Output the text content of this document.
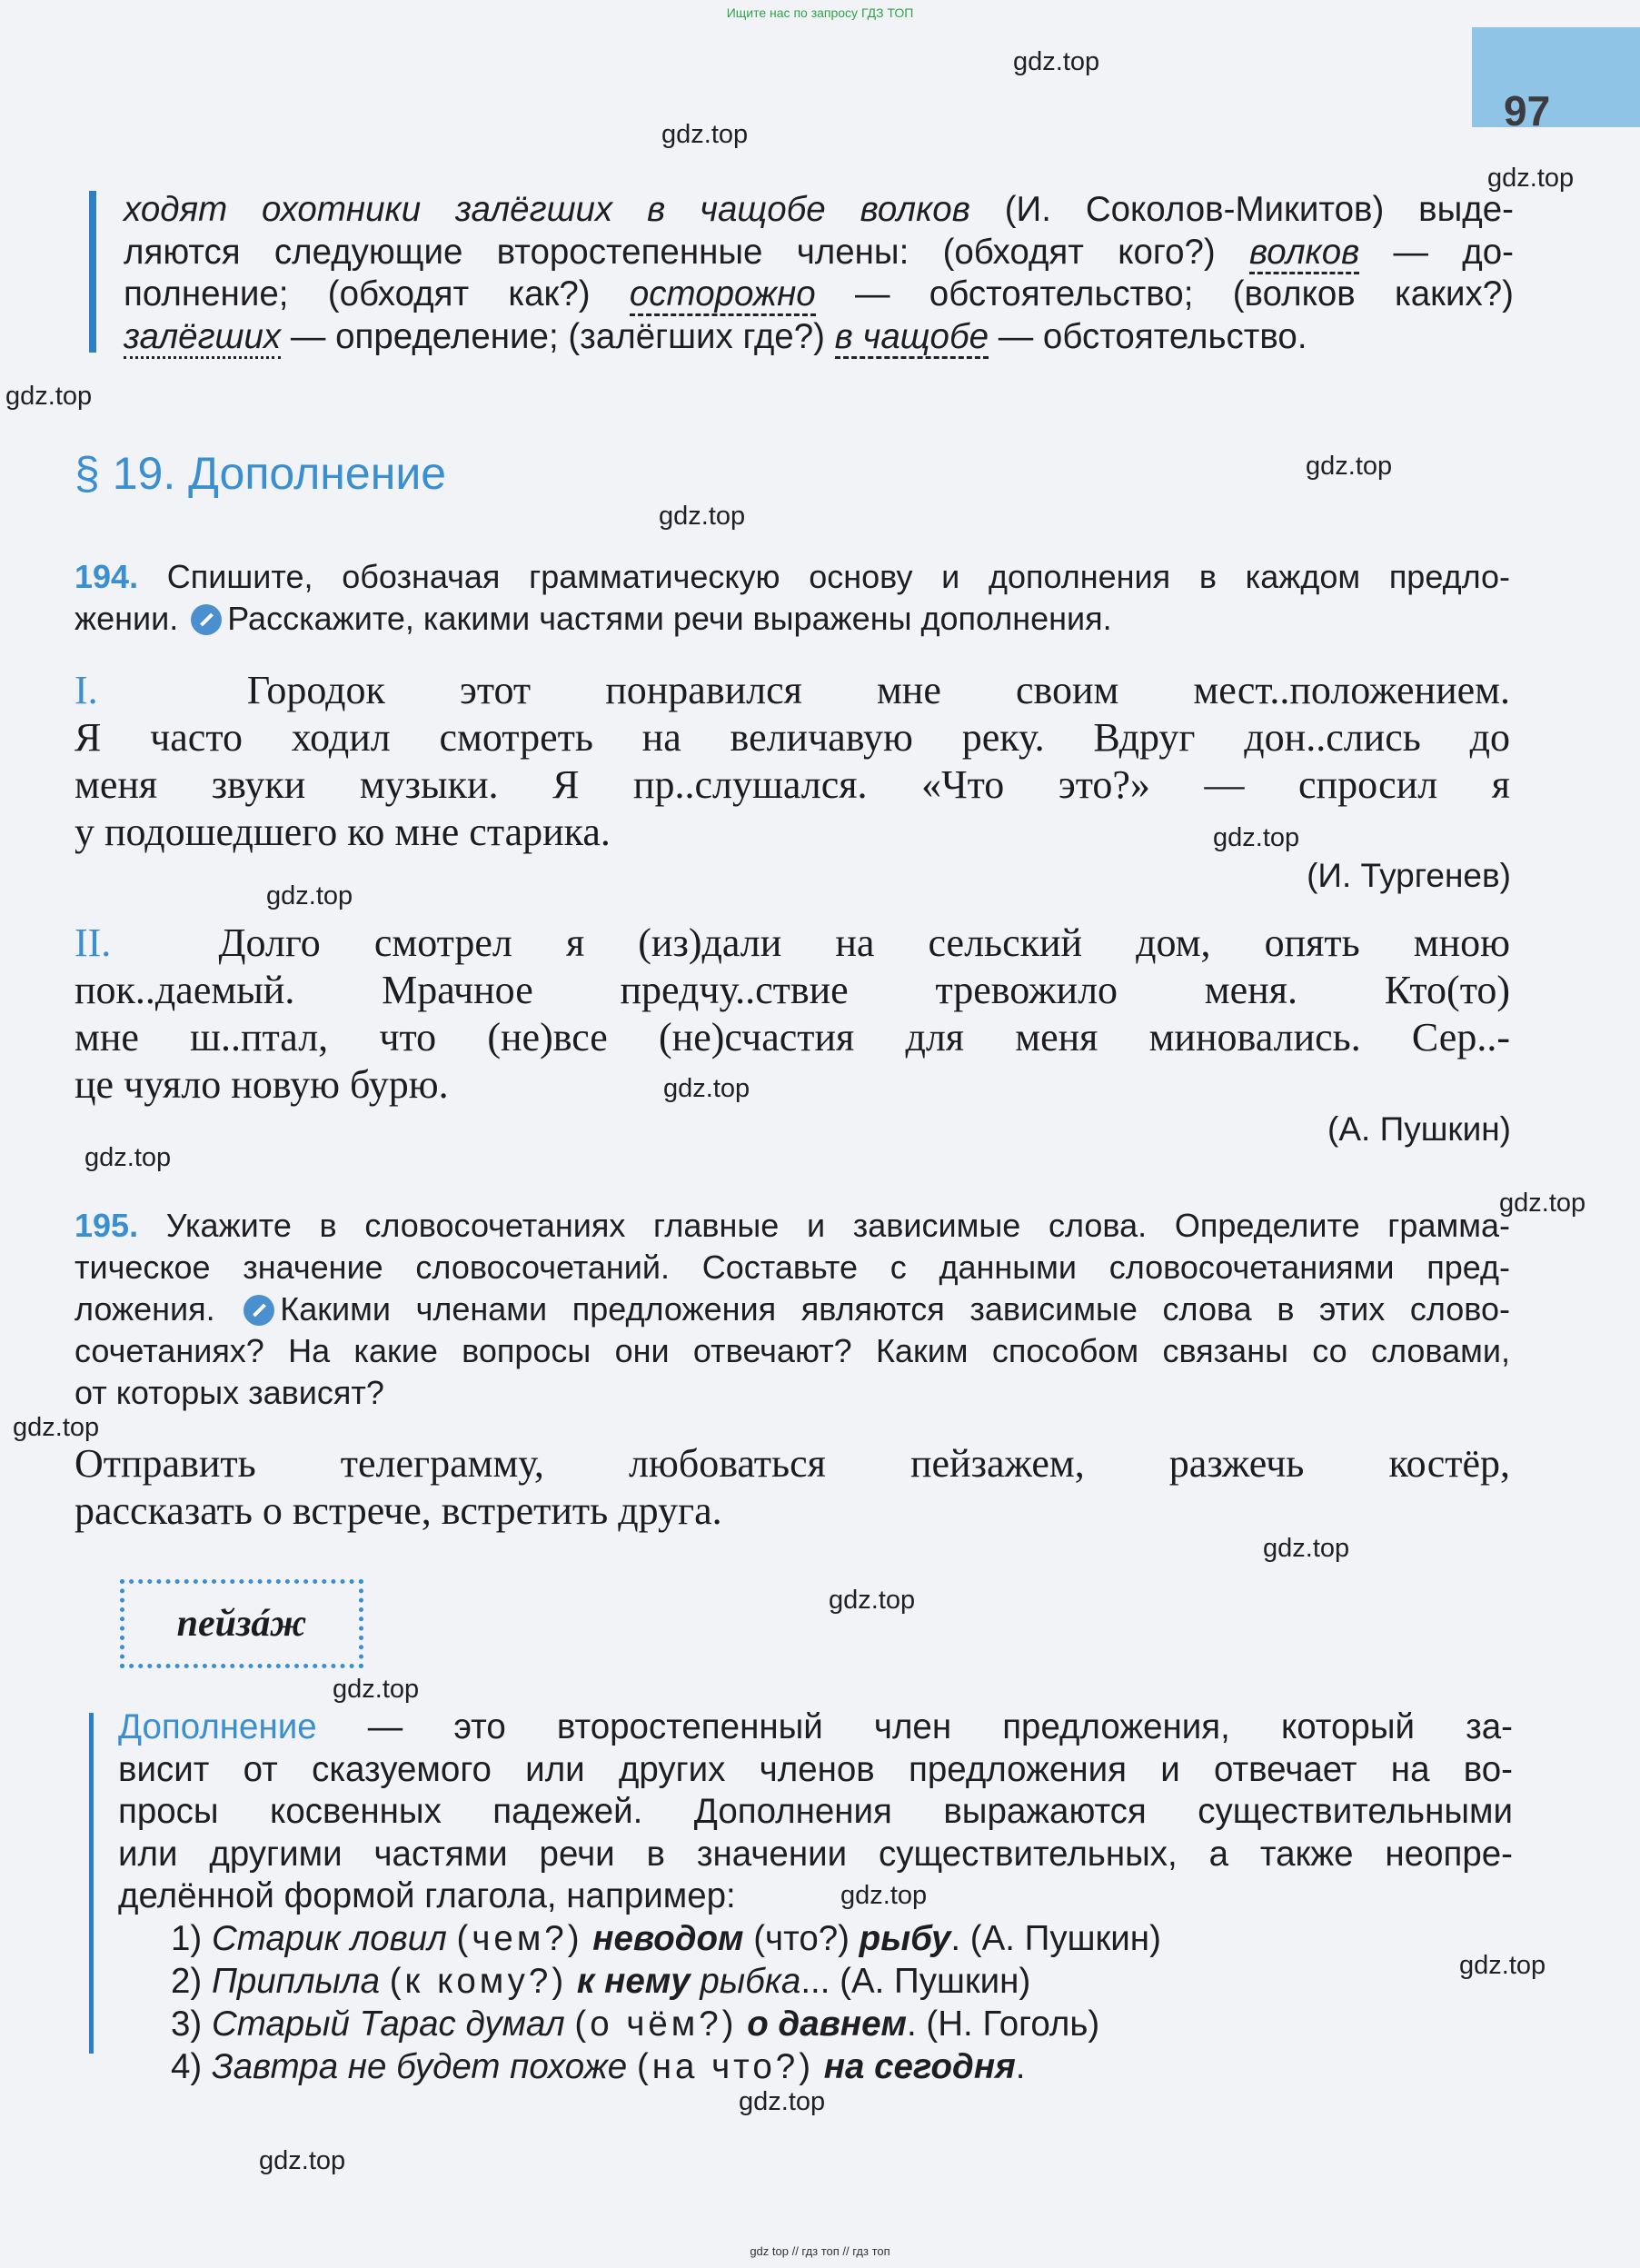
Ищите нас по запросу ГДЗ ТОП
97
gdz.top
gdz.top
gdz.top
gdz.top
gdz.top
gdz.top
gdz.top
gdz.top
gdz.top
gdz.top
gdz.top
gdz.top
gdz.top
gdz.top
gdz.top
gdz.top
gdz.top
gdz.top
gdz.top
ходят охотники залёгших в чащобе волков (И. Соколов-Микитов) выде-
ляются следующие второстепенные члены: (обходят кого?) волков — до-
полнение; (обходят как?) осторожно — обстоятельство; (волков каких?)
залёгших — определение; (залёгших где?) в чащобе — обстоятельство.
§ 19. Дополнение
194. Спишите, обозначая грамматическую основу и дополнения в каждом предло-
жении. Расскажите, какими частями речи выражены дополнения.
I.	Городок этот понравился мне своим мест..положением.
Я часто ходил смотреть на величавую реку. Вдруг дон..слись до
меня звуки музыки. Я пр..слушался. «Что это?» — спросил я
у подошедшего ко мне старика.
(И. Тургенев)
II.	Долго смотрел я (из)дали на сельский дом, опять мною
пок..даемый. Мрачное предчу..ствие тревожило меня. Кто(то)
мне ш..птал, что (не)все (не)счастия для меня миновались. Сер..-
це чуяло новую бурю.
(А. Пушкин)
195. Укажите в словосочетаниях главные и зависимые слова. Определите грамма-
тическое значение словосочетаний. Составьте с данными словосочетаниями пред-
ложения. Какими членами предложения являются зависимые слова в этих слово-
сочетаниях? На какие вопросы они отвечают? Каким способом связаны со словами,
от которых зависят?
Отправить телеграмму, любоваться пейзажем, разжечь костёр,
рассказать о встрече, встретить друга.
пейзáж
Дополнение — это второстепенный член предложения, который за-
висит от сказуемого или других членов предложения и отвечает на во-
просы косвенных падежей. Дополнения выражаются существительными
или другими частями речи в значении существительных, а также неопре-
делённой формой глагола, например:
1) Старик ловил (чем?) неводом (что?) рыбу. (А. Пушкин)
2) Приплыла (к кому?) к нему рыбка... (А. Пушкин)
3) Старый Тарас думал (о чём?) о давнем. (Н. Гоголь)
4) Завтра не будет похоже (на что?) на сегодня.
gdz top // гдз топ // гдз топ
